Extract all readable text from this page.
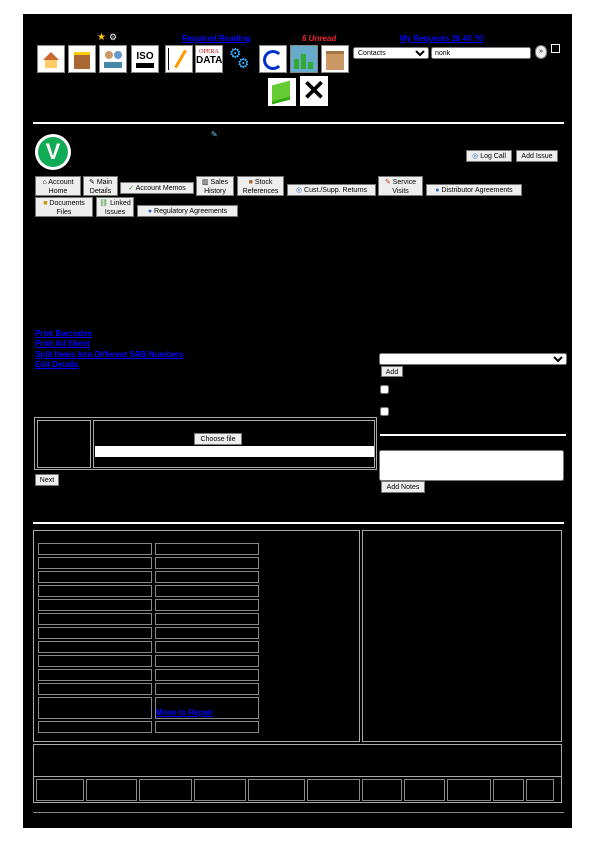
★ ⚙	Required Reading	6 Unread	My Requests 26 40 ?0
ISO	OPERA
DATA ⚙
⚙
Contacts
norik
»
✕
V
✎
◎ Log Call	Add Issue
⌂ Account Home
✎ Main Details	✓ Account Memos
▥ Sales History
■ Stock References	◎ Cust./Supp. Returns
✎ Service Visits	● Distributor Agreements
■ Documents Files
⛓ Linked Issues	● Regulatory Agreements
Print Barcodes
Print Ad Sheet
Split Items Into Different SRB Numbers
Edit Details
Add
Add Notes
Choose file
Next
Move to Repair
